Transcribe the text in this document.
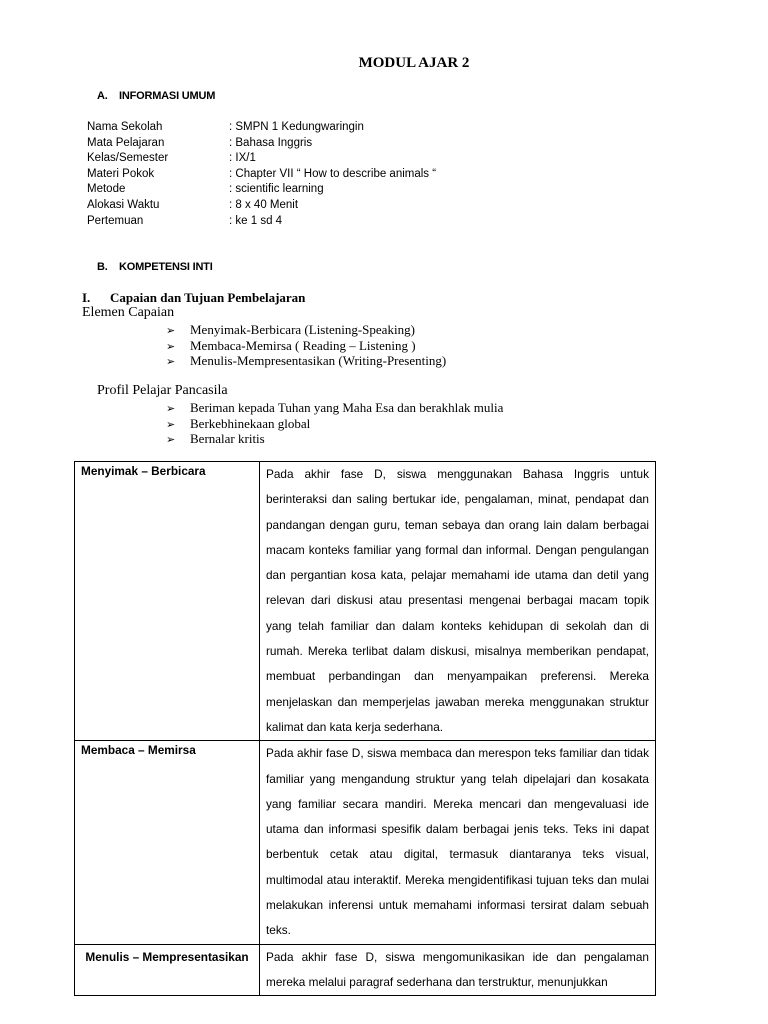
MODUL AJAR 2
A. INFORMASI UMUM
Nama Sekolah	: SMPN 1 Kedungwaringin
Mata Pelajaran	: Bahasa Inggris
Kelas/Semester	: IX/1
Materi Pokok	: Chapter VII “ How to describe animals “
Metode	: scientific learning
Alokasi Waktu	: 8 x 40 Menit
Pertemuan	: ke 1 sd 4
B. KOMPETENSI INTI
I. Capaian dan Tujuan Pembelajaran
Elemen Capaian
➢ Menyimak-Berbicara (Listening-Speaking)
➢ Membaca-Memirsa ( Reading – Listening )
➢ Menulis-Mempresentasikan (Writing-Presenting)
Profil Pelajar Pancasila
➢ Beriman kepada Tuhan yang Maha Esa dan berakhlak mulia
➢ Berkebhinekaan global
➢ Bernalar kritis
Menyimak – Berbicara	Pada akhir fase D, siswa menggunakan Bahasa Inggris untuk berinteraksi dan saling bertukar ide, pengalaman, minat, pendapat dan pandangan dengan guru, teman sebaya dan orang lain dalam berbagai macam konteks familiar yang formal dan informal. Dengan pengulangan dan pergantian kosa kata, pelajar memahami ide utama dan detil yang relevan dari diskusi atau presentasi mengenai berbagai macam topik yang telah familiar dan dalam konteks kehidupan di sekolah dan di rumah. Mereka terlibat dalam diskusi, misalnya memberikan pendapat, membuat perbandingan dan menyampaikan preferensi. Mereka menjelaskan dan memperjelas jawaban mereka menggunakan struktur kalimat dan kata kerja sederhana.
Membaca – Memirsa	Pada akhir fase D, siswa membaca dan merespon teks familiar dan tidak familiar yang mengandung struktur yang telah dipelajari dan kosakata yang familiar secara mandiri. Mereka mencari dan mengevaluasi ide utama dan informasi spesifik dalam berbagai jenis teks. Teks ini dapat berbentuk cetak atau digital, termasuk diantaranya teks visual, multimodal atau interaktif. Mereka mengidentifikasi tujuan teks dan mulai melakukan inferensi untuk memahami informasi tersirat dalam sebuah teks.
Menulis – Mempresentasikan	Pada akhir fase D, siswa mengomunikasikan ide dan pengalaman mereka melalui paragraf sederhana dan terstruktur, menunjukkan
